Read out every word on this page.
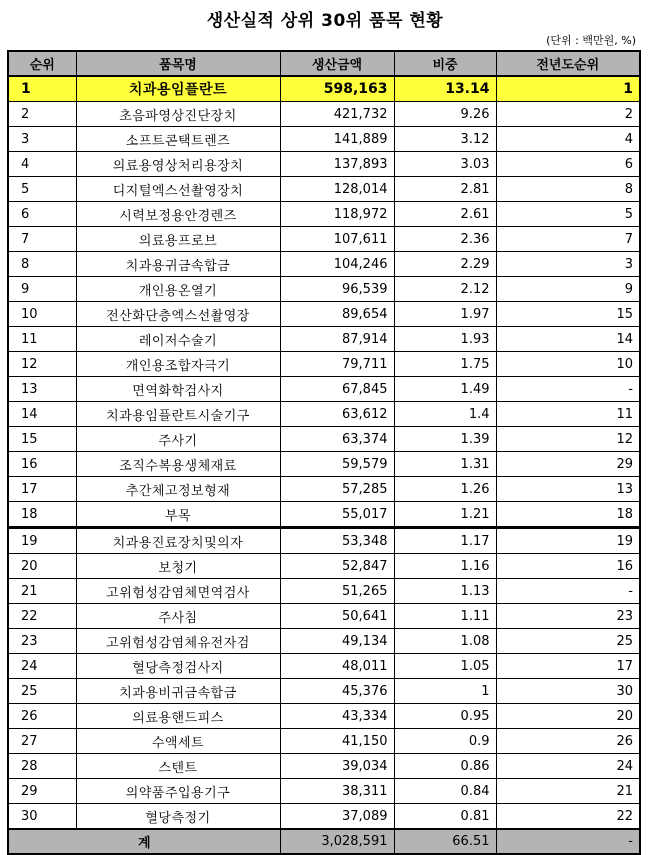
생산실적 상위 30위 품목 현황
(단위 : 백만원, %)
순위	품목명	생산금액	비중	전년도순위
1	치과용임플란트	598,163	13.14	1
2	초음파영상진단장치	421,732	9.26	2
3	소프트콘택트렌즈	141,889	3.12	4
4	의료용영상처리용장치	137,893	3.03	6
5	디지털엑스선촬영장치	128,014	2.81	8
6	시력보정용안경렌즈	118,972	2.61	5
7	의료용프로브	107,611	2.36	7
8	치과용귀금속합금	104,246	2.29	3
9	개인용온열기	96,539	2.12	9
10	전산화단층엑스선촬영장	89,654	1.97	15
11	레이저수술기	87,914	1.93	14
12	개인용조합자극기	79,711	1.75	10
13	면역화학검사지	67,845	1.49	-
14	치과용임플란트시술기구	63,612	1.4	11
15	주사기	63,374	1.39	12
16	조직수복용생체재료	59,579	1.31	29
17	추간체고정보형재	57,285	1.26	13
18	부목	55,017	1.21	18
19	치과용진료장치및의자	53,348	1.17	19
20	보청기	52,847	1.16	16
21	고위험성감염체면역검사	51,265	1.13	-
22	주사침	50,641	1.11	23
23	고위험성감염체유전자검	49,134	1.08	25
24	혈당측정검사지	48,011	1.05	17
25	치과용비귀금속합금	45,376	1	30
26	의료용핸드피스	43,334	0.95	20
27	수액세트	41,150	0.9	26
28	스텐트	39,034	0.86	24
29	의약품주입용기구	38,311	0.84	21
30	혈당측정기	37,089	0.81	22
계		3,028,591	66.51	-
